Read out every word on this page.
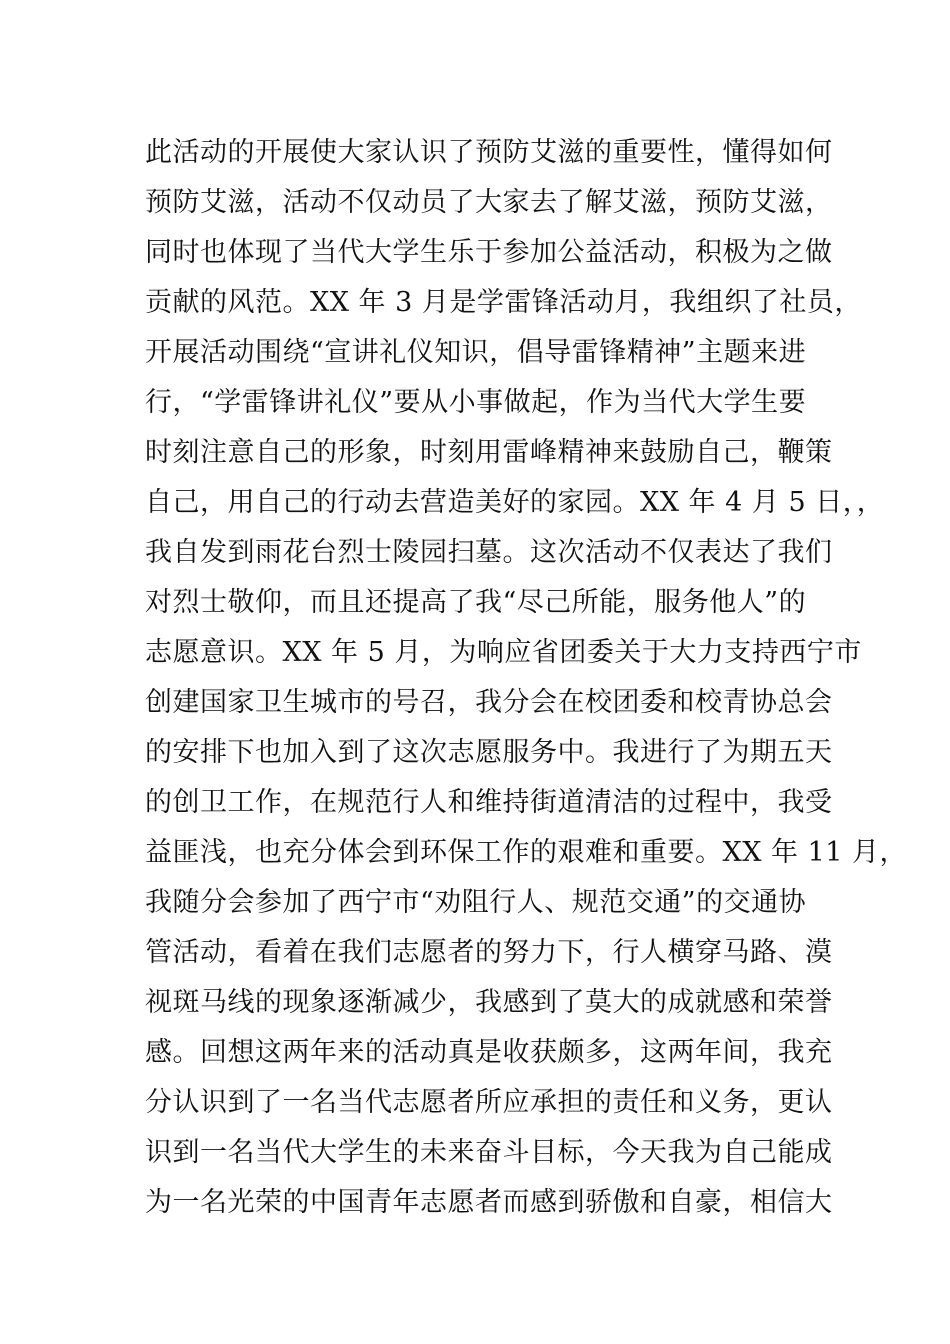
此活动的开展使大家认识了预防艾滋的重要性，懂得如何
预防艾滋，活动不仅动员了大家去了解艾滋，预防艾滋，
同时也体现了当代大学生乐于参加公益活动，积极为之做
贡献的风范。XX 年 3 月是学雷锋活动月，我组织了社员，
开展活动围绕“宣讲礼仪知识，倡导雷锋精神”主题来进
行，“学雷锋讲礼仪”要从小事做起，作为当代大学生要
时刻注意自己的形象，时刻用雷峰精神来鼓励自己，鞭策
自己，用自己的行动去营造美好的家园。XX 年 4 月 5 日，，
我自发到雨花台烈士陵园扫墓。这次活动不仅表达了我们
对烈士敬仰，而且还提高了我“尽己所能，服务他人”的
志愿意识。XX 年 5 月，为响应省团委关于大力支持西宁市
创建国家卫生城市的号召，我分会在校团委和校青协总会
的安排下也加入到了这次志愿服务中。我进行了为期五天
的创卫工作，在规范行人和维持街道清洁的过程中，我受
益匪浅，也充分体会到环保工作的艰难和重要。XX 年 11 月，
我随分会参加了西宁市“劝阻行人、规范交通”的交通协
管活动，看着在我们志愿者的努力下，行人横穿马路、漠
视斑马线的现象逐渐减少，我感到了莫大的成就感和荣誉
感。回想这两年来的活动真是收获颇多，这两年间，我充
分认识到了一名当代志愿者所应承担的责任和义务，更认
识到一名当代大学生的未来奋斗目标，今天我为自己能成
为一名光荣的中国青年志愿者而感到骄傲和自豪，相信大
